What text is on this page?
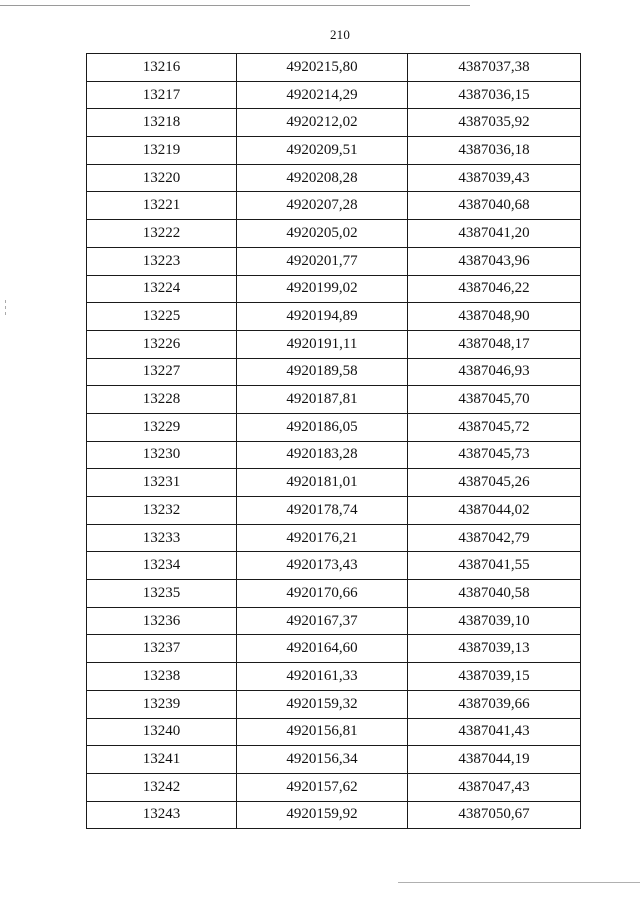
210
13216	4920215,80	4387037,38
13217	4920214,29	4387036,15
13218	4920212,02	4387035,92
13219	4920209,51	4387036,18
13220	4920208,28	4387039,43
13221	4920207,28	4387040,68
13222	4920205,02	4387041,20
13223	4920201,77	4387043,96
13224	4920199,02	4387046,22
13225	4920194,89	4387048,90
13226	4920191,11	4387048,17
13227	4920189,58	4387046,93
13228	4920187,81	4387045,70
13229	4920186,05	4387045,72
13230	4920183,28	4387045,73
13231	4920181,01	4387045,26
13232	4920178,74	4387044,02
13233	4920176,21	4387042,79
13234	4920173,43	4387041,55
13235	4920170,66	4387040,58
13236	4920167,37	4387039,10
13237	4920164,60	4387039,13
13238	4920161,33	4387039,15
13239	4920159,32	4387039,66
13240	4920156,81	4387041,43
13241	4920156,34	4387044,19
13242	4920157,62	4387047,43
13243	4920159,92	4387050,67
